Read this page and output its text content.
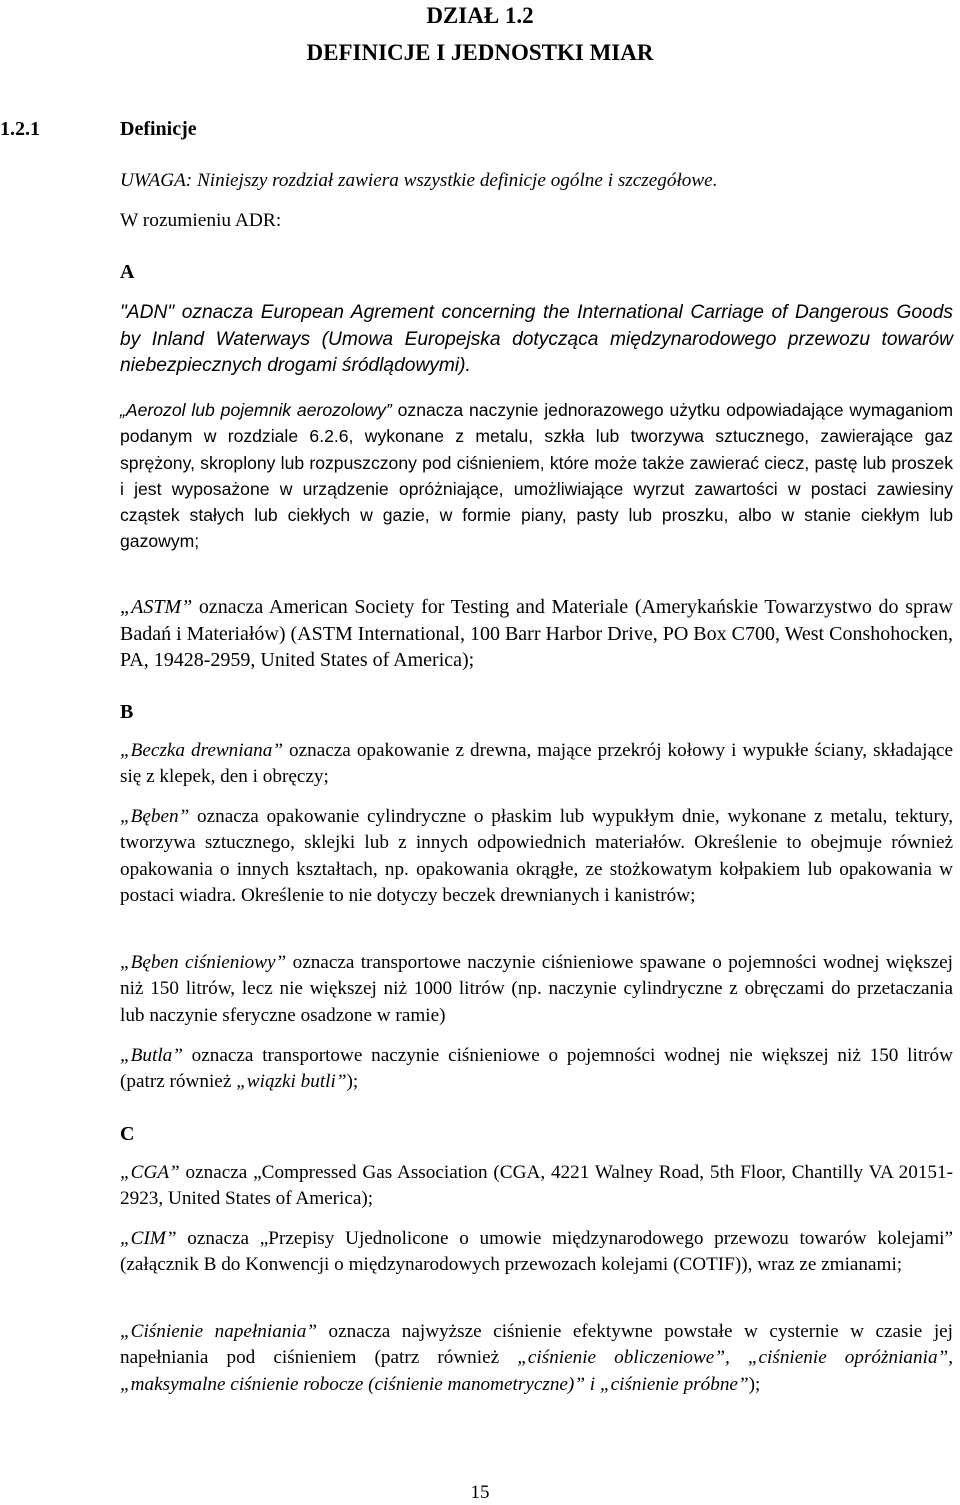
DZIAŁ 1.2
DEFINICJE I JEDNOSTKI MIAR
1.2.1	Definicje
UWAGA: Niniejszy rozdział zawiera wszystkie definicje ogólne i szczegółowe.
W rozumieniu ADR:
A
"ADN" oznacza European Agrement concerning the International Carriage of Dangerous Goods by Inland Waterways (Umowa Europejska dotycząca międzynarodowego przewozu towarów niebezpiecznych drogami śródlądowymi).
„Aerozol lub pojemnik aerozolowy” oznacza naczynie jednorazowego użytku odpowiadające wymaganiom podanym w rozdziale 6.2.6, wykonane z metalu, szkła lub tworzywa sztucznego, zawierające gaz sprężony, skroplony lub rozpuszczony pod ciśnieniem, które może także zawierać ciecz, pastę lub proszek i jest wyposażone w urządzenie opróżniające, umożliwiające wyrzut zawartości w postaci zawiesiny cząstek stałych lub ciekłych w gazie, w formie piany, pasty lub proszku, albo w stanie ciekłym lub gazowym;
„ASTM” oznacza American Society for Testing and Materiale (Amerykańskie Towarzystwo do spraw Badań i Materiałów) (ASTM International, 100 Barr Harbor Drive, PO Box C700, West Conshohocken, PA, 19428-2959, United States of America);
B
„Beczka drewniana” oznacza opakowanie z drewna, mające przekrój kołowy i wypukłe ściany, składające się z klepek, den i obręczy;
„Bęben” oznacza opakowanie cylindryczne o płaskim lub wypukłym dnie, wykonane z metalu, tektury, tworzywa sztucznego, sklejki lub z innych odpowiednich materiałów. Określenie to obejmuje również opakowania o innych kształtach, np. opakowania okrągłe, ze stożkowatym kołpakiem lub opakowania w postaci wiadra. Określenie to nie dotyczy beczek drewnianych i kanistrów;
„Bęben ciśnieniowy” oznacza transportowe naczynie ciśnieniowe spawane o pojemności wodnej większej niż 150 litrów, lecz nie większej niż 1000 litrów (np. naczynie cylindryczne z obręczami do przetaczania lub naczynie sferyczne osadzone w ramie)
„Butla” oznacza transportowe naczynie ciśnieniowe o pojemności wodnej nie większej niż 150 litrów (patrz również „wiązki butli”);
C
„CGA” oznacza „Compressed Gas Association (CGA, 4221 Walney Road, 5th Floor, Chantilly VA 20151-2923, United States of America);
„CIM” oznacza „Przepisy Ujednolicone o umowie międzynarodowego przewozu towarów kolejami” (załącznik B do Konwencji o międzynarodowych przewozach kolejami (COTIF)), wraz ze zmianami;
„Ciśnienie napełniania” oznacza najwyższe ciśnienie efektywne powstałe w cysternie w czasie jej napełniania pod ciśnieniem (patrz również „ciśnienie obliczeniowe”, „ciśnienie opróżniania”, „maksymalne ciśnienie robocze (ciśnienie manometryczne)” i „ciśnienie próbne”);
15
